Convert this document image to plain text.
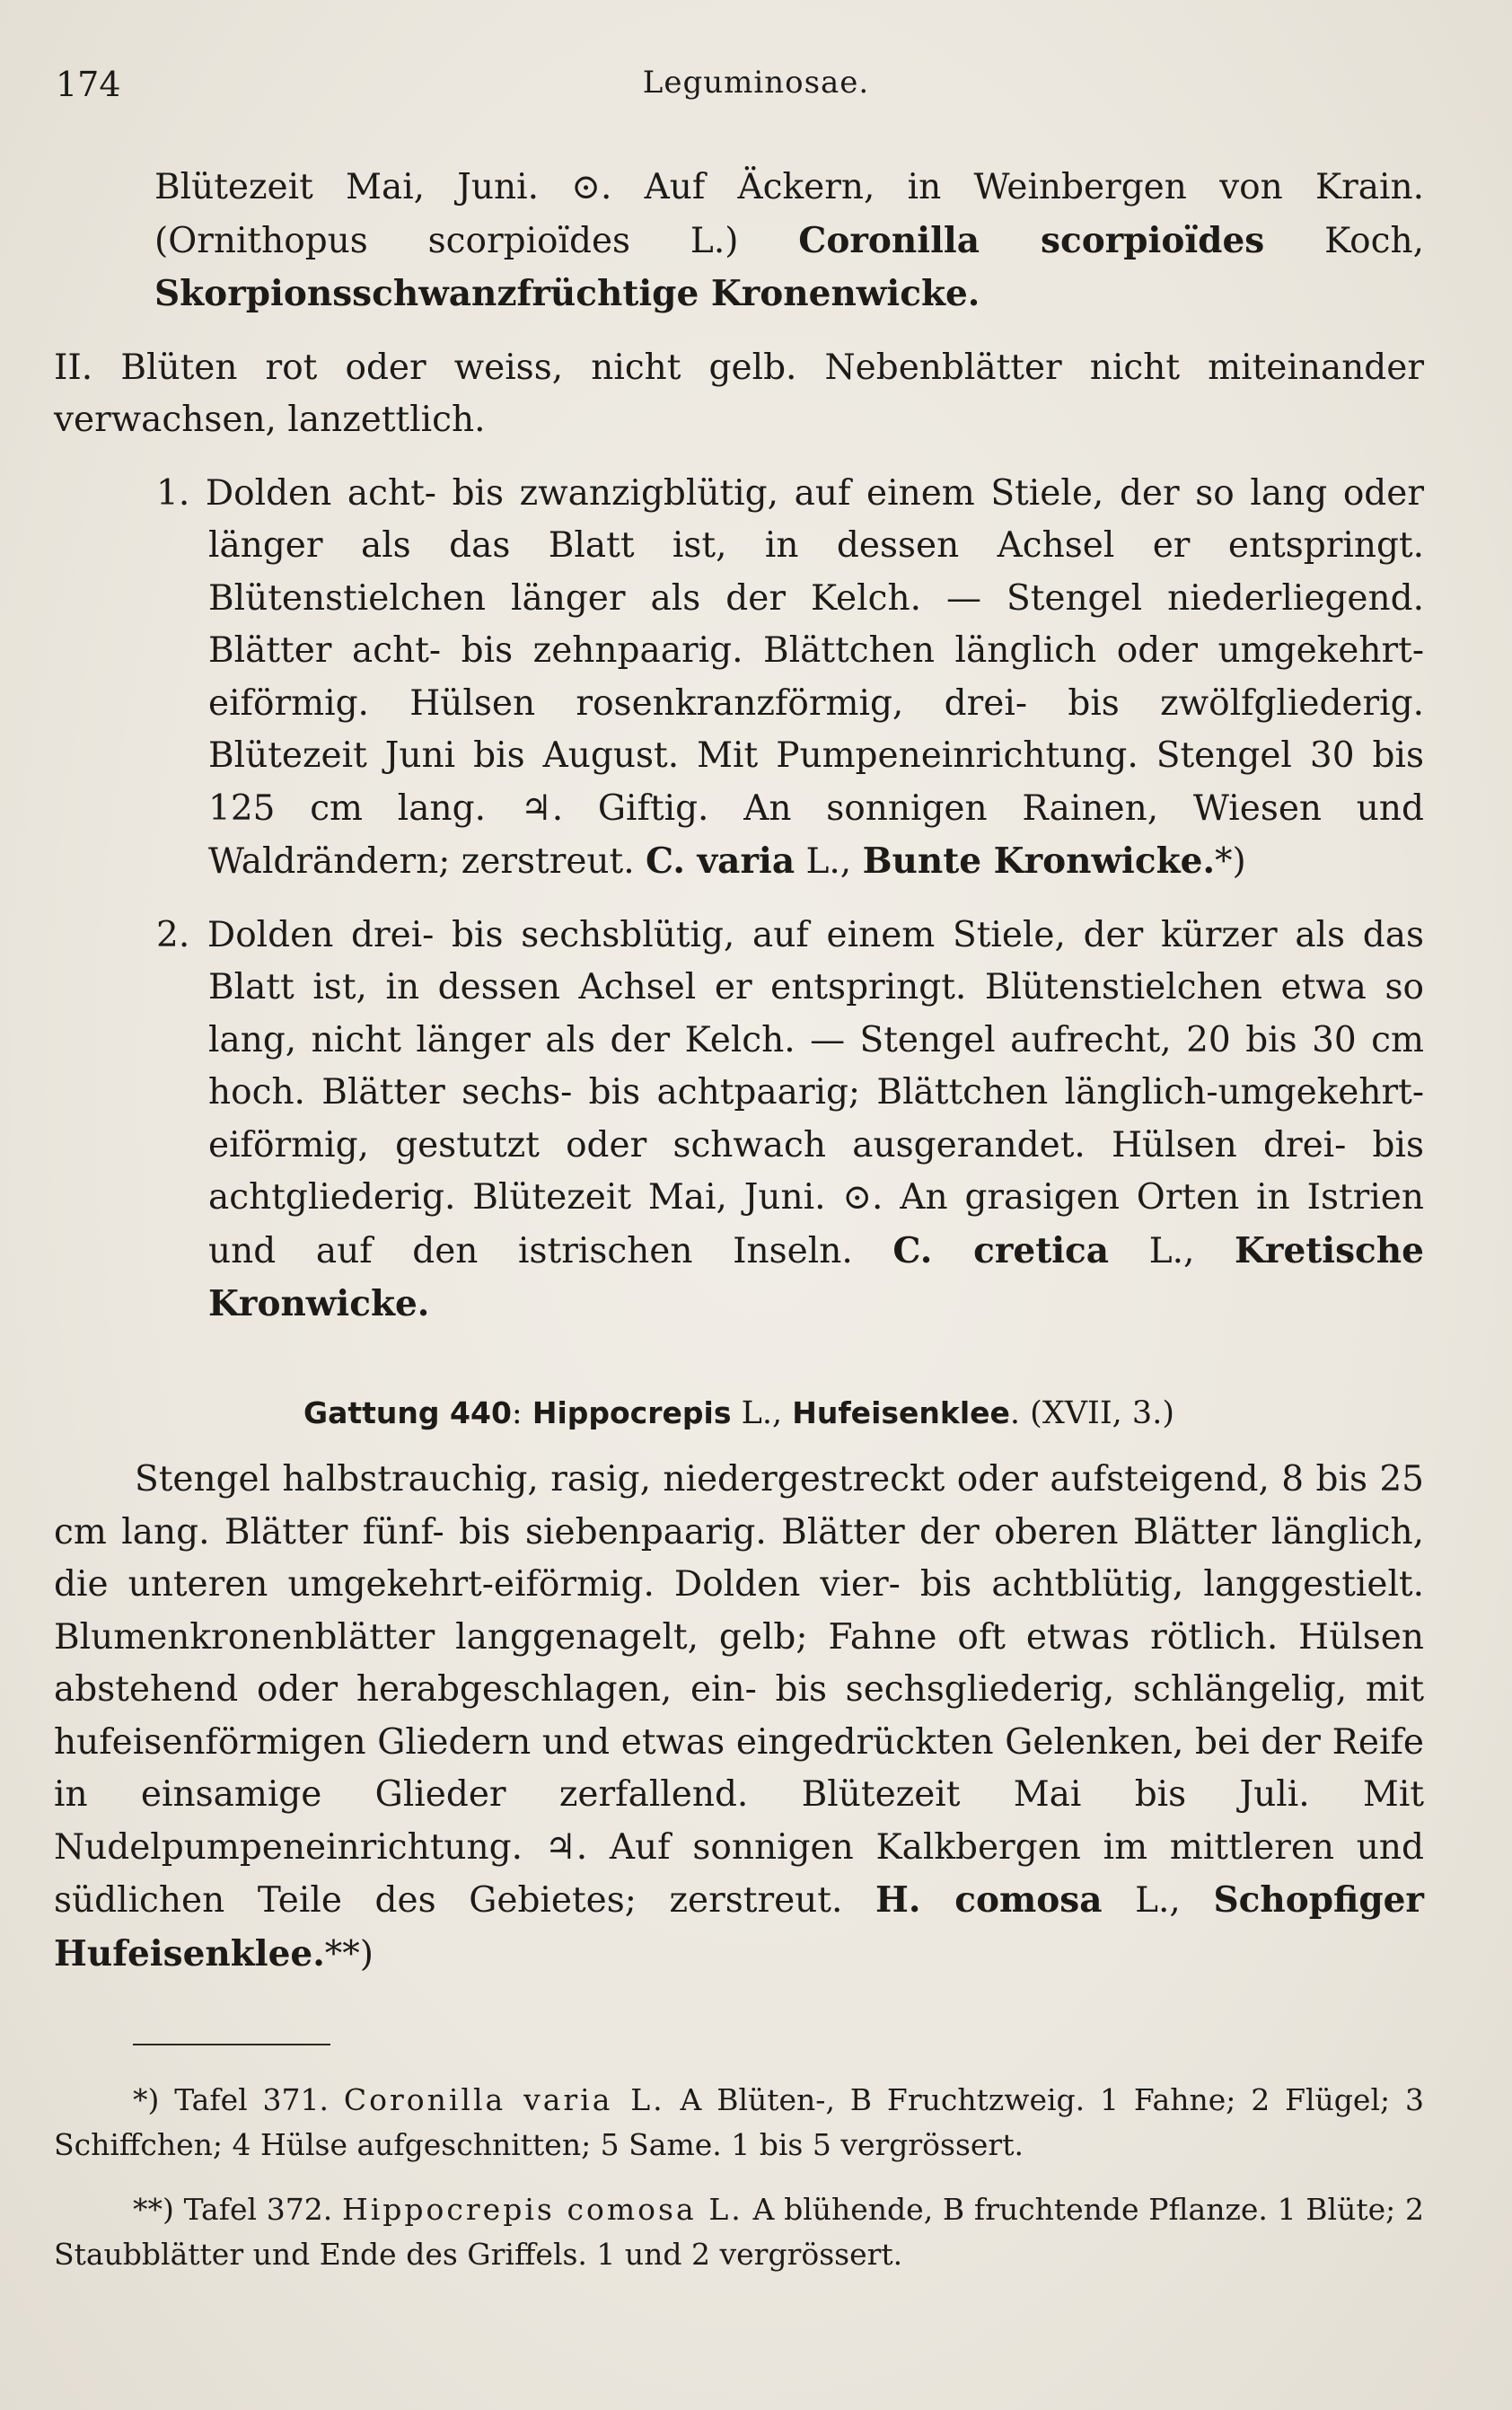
174	Leguminosae.

Blütezeit Mai, Juni. ⊙. Auf Äckern, in Weinbergen von Krain. (Ornithopus scorpioïdes L.) Coronilla scorpioïdes Koch, Skorpionsschwanzfrüchtige Kronenwicke.

II. Blüten rot oder weiss, nicht gelb. Nebenblätter nicht miteinander verwachsen, lanzettlich.

1. Dolden acht- bis zwanzigblütig, auf einem Stiele, der so lang oder länger als das Blatt ist, in dessen Achsel er entspringt. Blütenstielchen länger als der Kelch. — Stengel niederliegend. Blätter acht- bis zehnpaarig. Blättchen länglich oder umgekehrt-eiförmig. Hülsen rosenkranzförmig, drei- bis zwölfgliederig. Blütezeit Juni bis August. Mit Pumpeneinrichtung. Stengel 30 bis 125 cm lang. ♃. Giftig. An sonnigen Rainen, Wiesen und Waldrändern; zerstreut. C. varia L., Bunte Kronwicke.*)

2. Dolden drei- bis sechsblütig, auf einem Stiele, der kürzer als das Blatt ist, in dessen Achsel er entspringt. Blütenstielchen etwa so lang, nicht länger als der Kelch. — Stengel aufrecht, 20 bis 30 cm hoch. Blätter sechs- bis achtpaarig; Blättchen länglich-umgekehrt-eiförmig, gestutzt oder schwach ausgerandet. Hülsen drei- bis achtgliederig. Blütezeit Mai, Juni. ⊙. An grasigen Orten in Istrien und auf den istrischen Inseln. C. cretica L., Kretische Kronwicke.

Gattung 440: Hippocrepis L., Hufeisenklee. (XVII, 3.)

Stengel halbstrauchig, rasig, niedergestreckt oder aufsteigend, 8 bis 25 cm lang. Blätter fünf- bis siebenpaarig. Blätter der oberen Blätter länglich, die unteren umgekehrt-eiförmig. Dolden vier- bis achtblütig, langgestielt. Blumenkronenblätter langgenagelt, gelb; Fahne oft etwas rötlich. Hülsen abstehend oder herabgeschlagen, ein- bis sechsgliederig, schlängelig, mit hufeisenförmigen Gliedern und etwas eingedrückten Gelenken, bei der Reife in einsamige Glieder zerfallend. Blütezeit Mai bis Juli. Mit Nudelpumpeneinrichtung. ♃. Auf sonnigen Kalkbergen im mittleren und südlichen Teile des Gebietes; zerstreut. H. comosa L., Schopfiger Hufeisenklee.**)

*) Tafel 371. Coronilla varia L. A Blüten-, B Fruchtzweig. 1 Fahne; 2 Flügel; 3 Schiffchen; 4 Hülse aufgeschnitten; 5 Same. 1 bis 5 vergrössert.

**) Tafel 372. Hippocrepis comosa L. A blühende, B fruchtende Pflanze. 1 Blüte; 2 Staubblätter und Ende des Griffels. 1 und 2 vergrössert.
